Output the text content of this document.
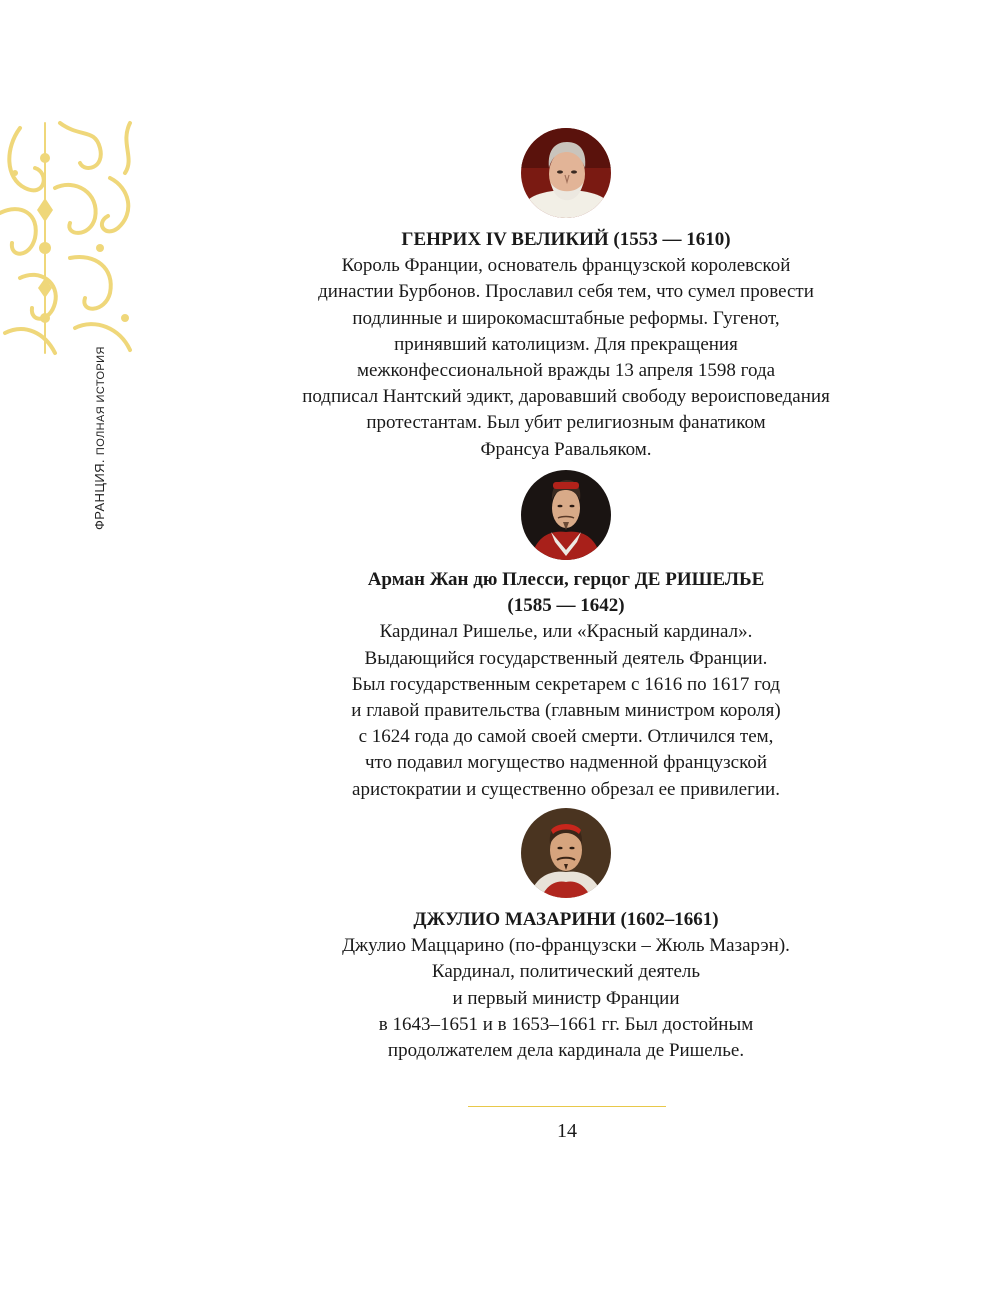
ФРАНЦИЯ. ПОЛНАЯ ИСТОРИЯ
ГЕНРИХ IV ВЕЛИКИЙ (1553 — 1610)
Король Франции, основатель французской королевской
династии Бурбонов. Прославил себя тем, что сумел провести
подлинные и широкомасштабные реформы. Гугенот,
принявший католицизм. Для прекращения
межконфессиональной вражды 13 апреля 1598 года
подписал Нантский эдикт, даровавший свободу вероисповедания
протестантам. Был убит религиозным фанатиком
Франсуа Равальяком.
Арман Жан дю Плесси, герцог ДЕ РИШЕЛЬЕ
(1585 — 1642)
Кардинал Ришелье, или «Красный кардинал».
Выдающийся государственный деятель Франции.
Был государственным секретарем с 1616 по 1617 год
и главой правительства (главным министром короля)
с 1624 года до самой своей смерти. Отличился тем,
что подавил могущество надменной французской
аристократии и существенно обрезал ее привилегии.
ДЖУЛИО МАЗАРИНИ (1602–1661)
Джулио Маццарино (по-французски – Жюль Мазарэн).
Кардинал, политический деятель
и первый министр Франции
в 1643–1651 и в 1653–1661 гг. Был достойным
продолжателем дела кардинала де Ришелье.
14
